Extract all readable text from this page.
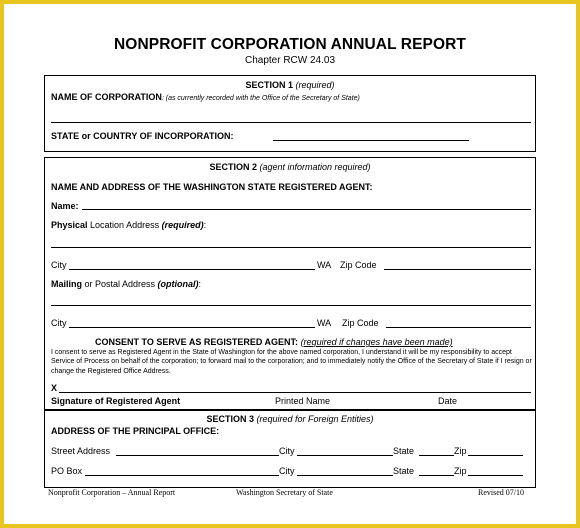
NONPROFIT CORPORATION ANNUAL REPORT
Chapter RCW 24.03
SECTION 1 (required)
NAME OF CORPORATION: (as currently recorded with the Office of the Secretary of State)
STATE or COUNTRY OF INCORPORATION:
SECTION 2 (agent information required)
NAME AND ADDRESS OF THE WASHINGTON STATE REGISTERED AGENT:
Name:
Physical Location Address (required):
City	WA Zip Code
Mailing or Postal Address (optional):
City	WA Zip Code
CONSENT TO SERVE AS REGISTERED AGENT: (required if changes have been made)
I consent to serve as Registered Agent in the State of Washington for the above named corporation, I understand it will be my responsibility to accept Service of Process on behalf of the corporation; to forward mail to the corporation; and to immediately notify the Office of the Secretary of State if I resign or change the Registered Office Address.
X
Signature of Registered Agent	Printed Name	Date
SECTION 3 (required for Foreign Entities)
ADDRESS OF THE PRINCIPAL OFFICE:
Street Address	City	State	Zip
PO Box	City	State	Zip
Nonprofit Corporation – Annual Report	Washington Secretary of State	Revised 07/10
